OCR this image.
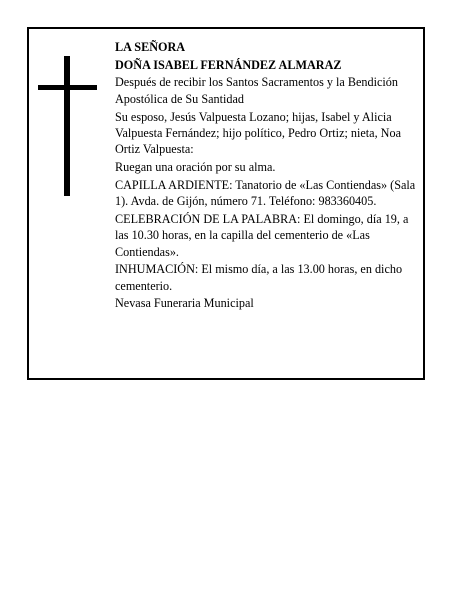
LA SEÑORA

DOÑA ISABEL FERNÁNDEZ ALMARAZ

Después de recibir los Santos Sacramentos y la Bendición Apostólica de Su Santidad

Su esposo, Jesús Valpuesta Lozano; hijas, Isabel y Alicia Valpuesta Fernández; hijo político, Pedro Ortiz; nieta, Noa Ortiz Valpuesta:

Ruegan una oración por su alma.

CAPILLA ARDIENTE: Tanatorio de «Las Contiendas» (Sala 1). Avda. de Gijón, número 71. Teléfono: 983360405.

CELEBRACIÓN DE LA PALABRA: El domingo, día 19, a las 10.30 horas, en la capilla del cementerio de «Las Contiendas».

INHUMACIÓN: El mismo día, a las 13.00 horas, en dicho cementerio.

Nevasa Funeraria Municipal
